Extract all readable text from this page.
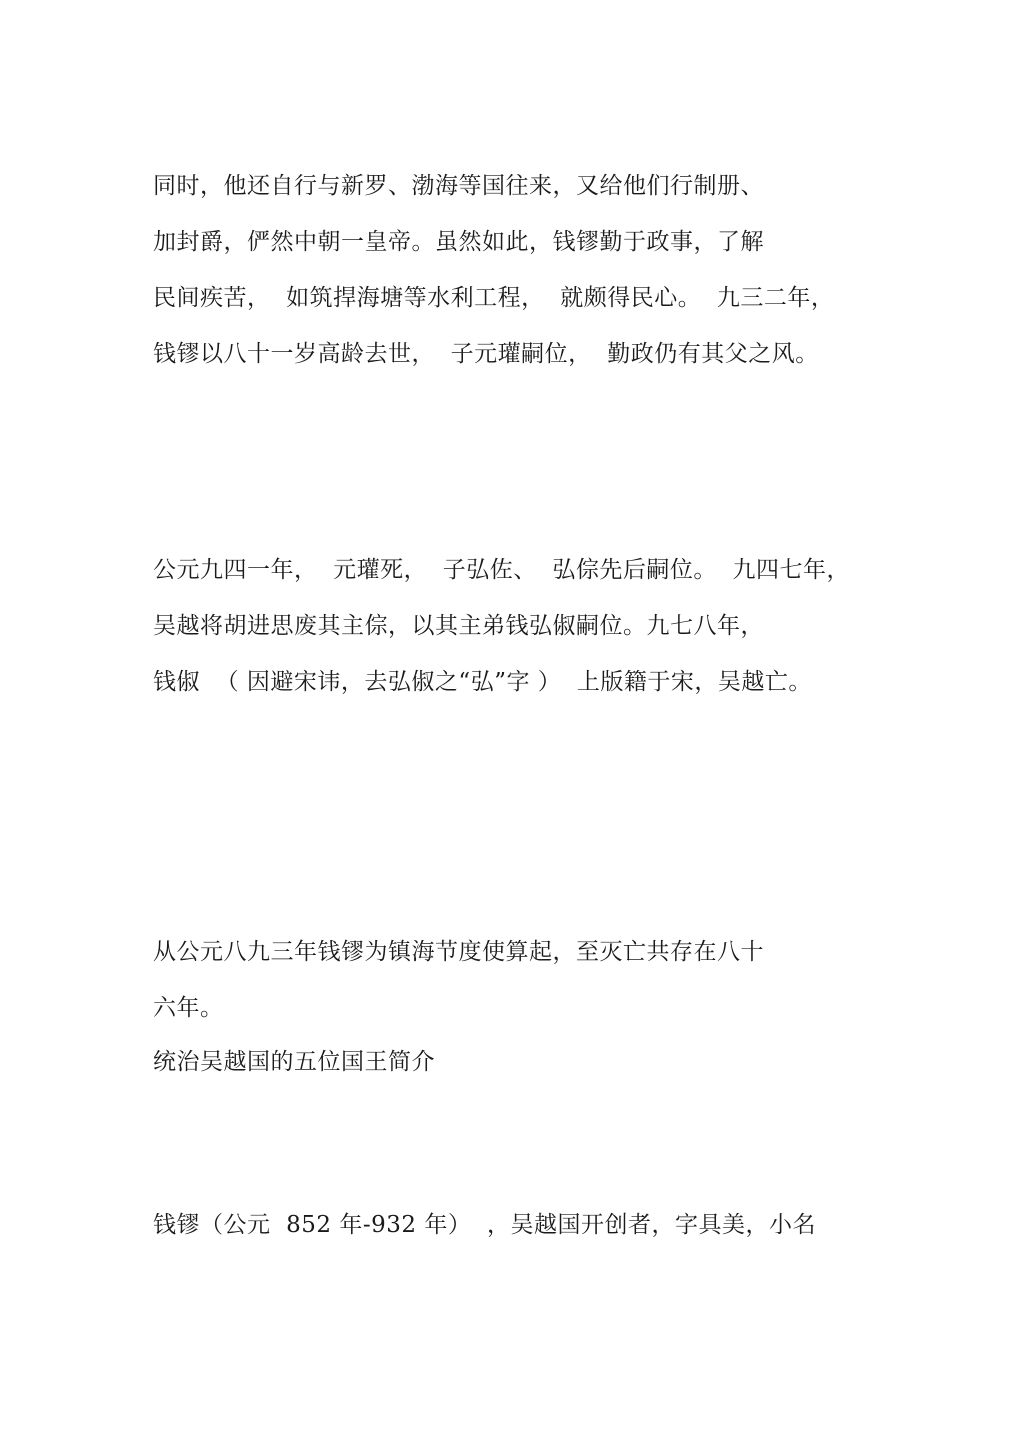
同时，他还自行与新罗、渤海等国往来，又给他们行制册、
加封爵，俨然中朝一皇帝。虽然如此，钱镠勤于政事，了解
民间疾苦，  如筑捍海塘等水利工程，  就颇得民心。  九三二年，
钱镠以八十一岁高龄去世，  子元瓘嗣位，  勤政仍有其父之风。
公元九四一年，  元瓘死，  子弘佐、  弘倧先后嗣位。  九四七年，
吴越将胡进思废其主倧，以其主弟钱弘俶嗣位。九七八年，
钱俶  （ 因避宋讳，去弘俶之“弘”字 ）  上版籍于宋，吴越亡。
从公元八九三年钱镠为镇海节度使算起，至灭亡共存在八十
六年。
统治吴越国的五位国王简介
钱镠（公元  852 年-932 年）  ，吴越国开创者，字具美，小名
